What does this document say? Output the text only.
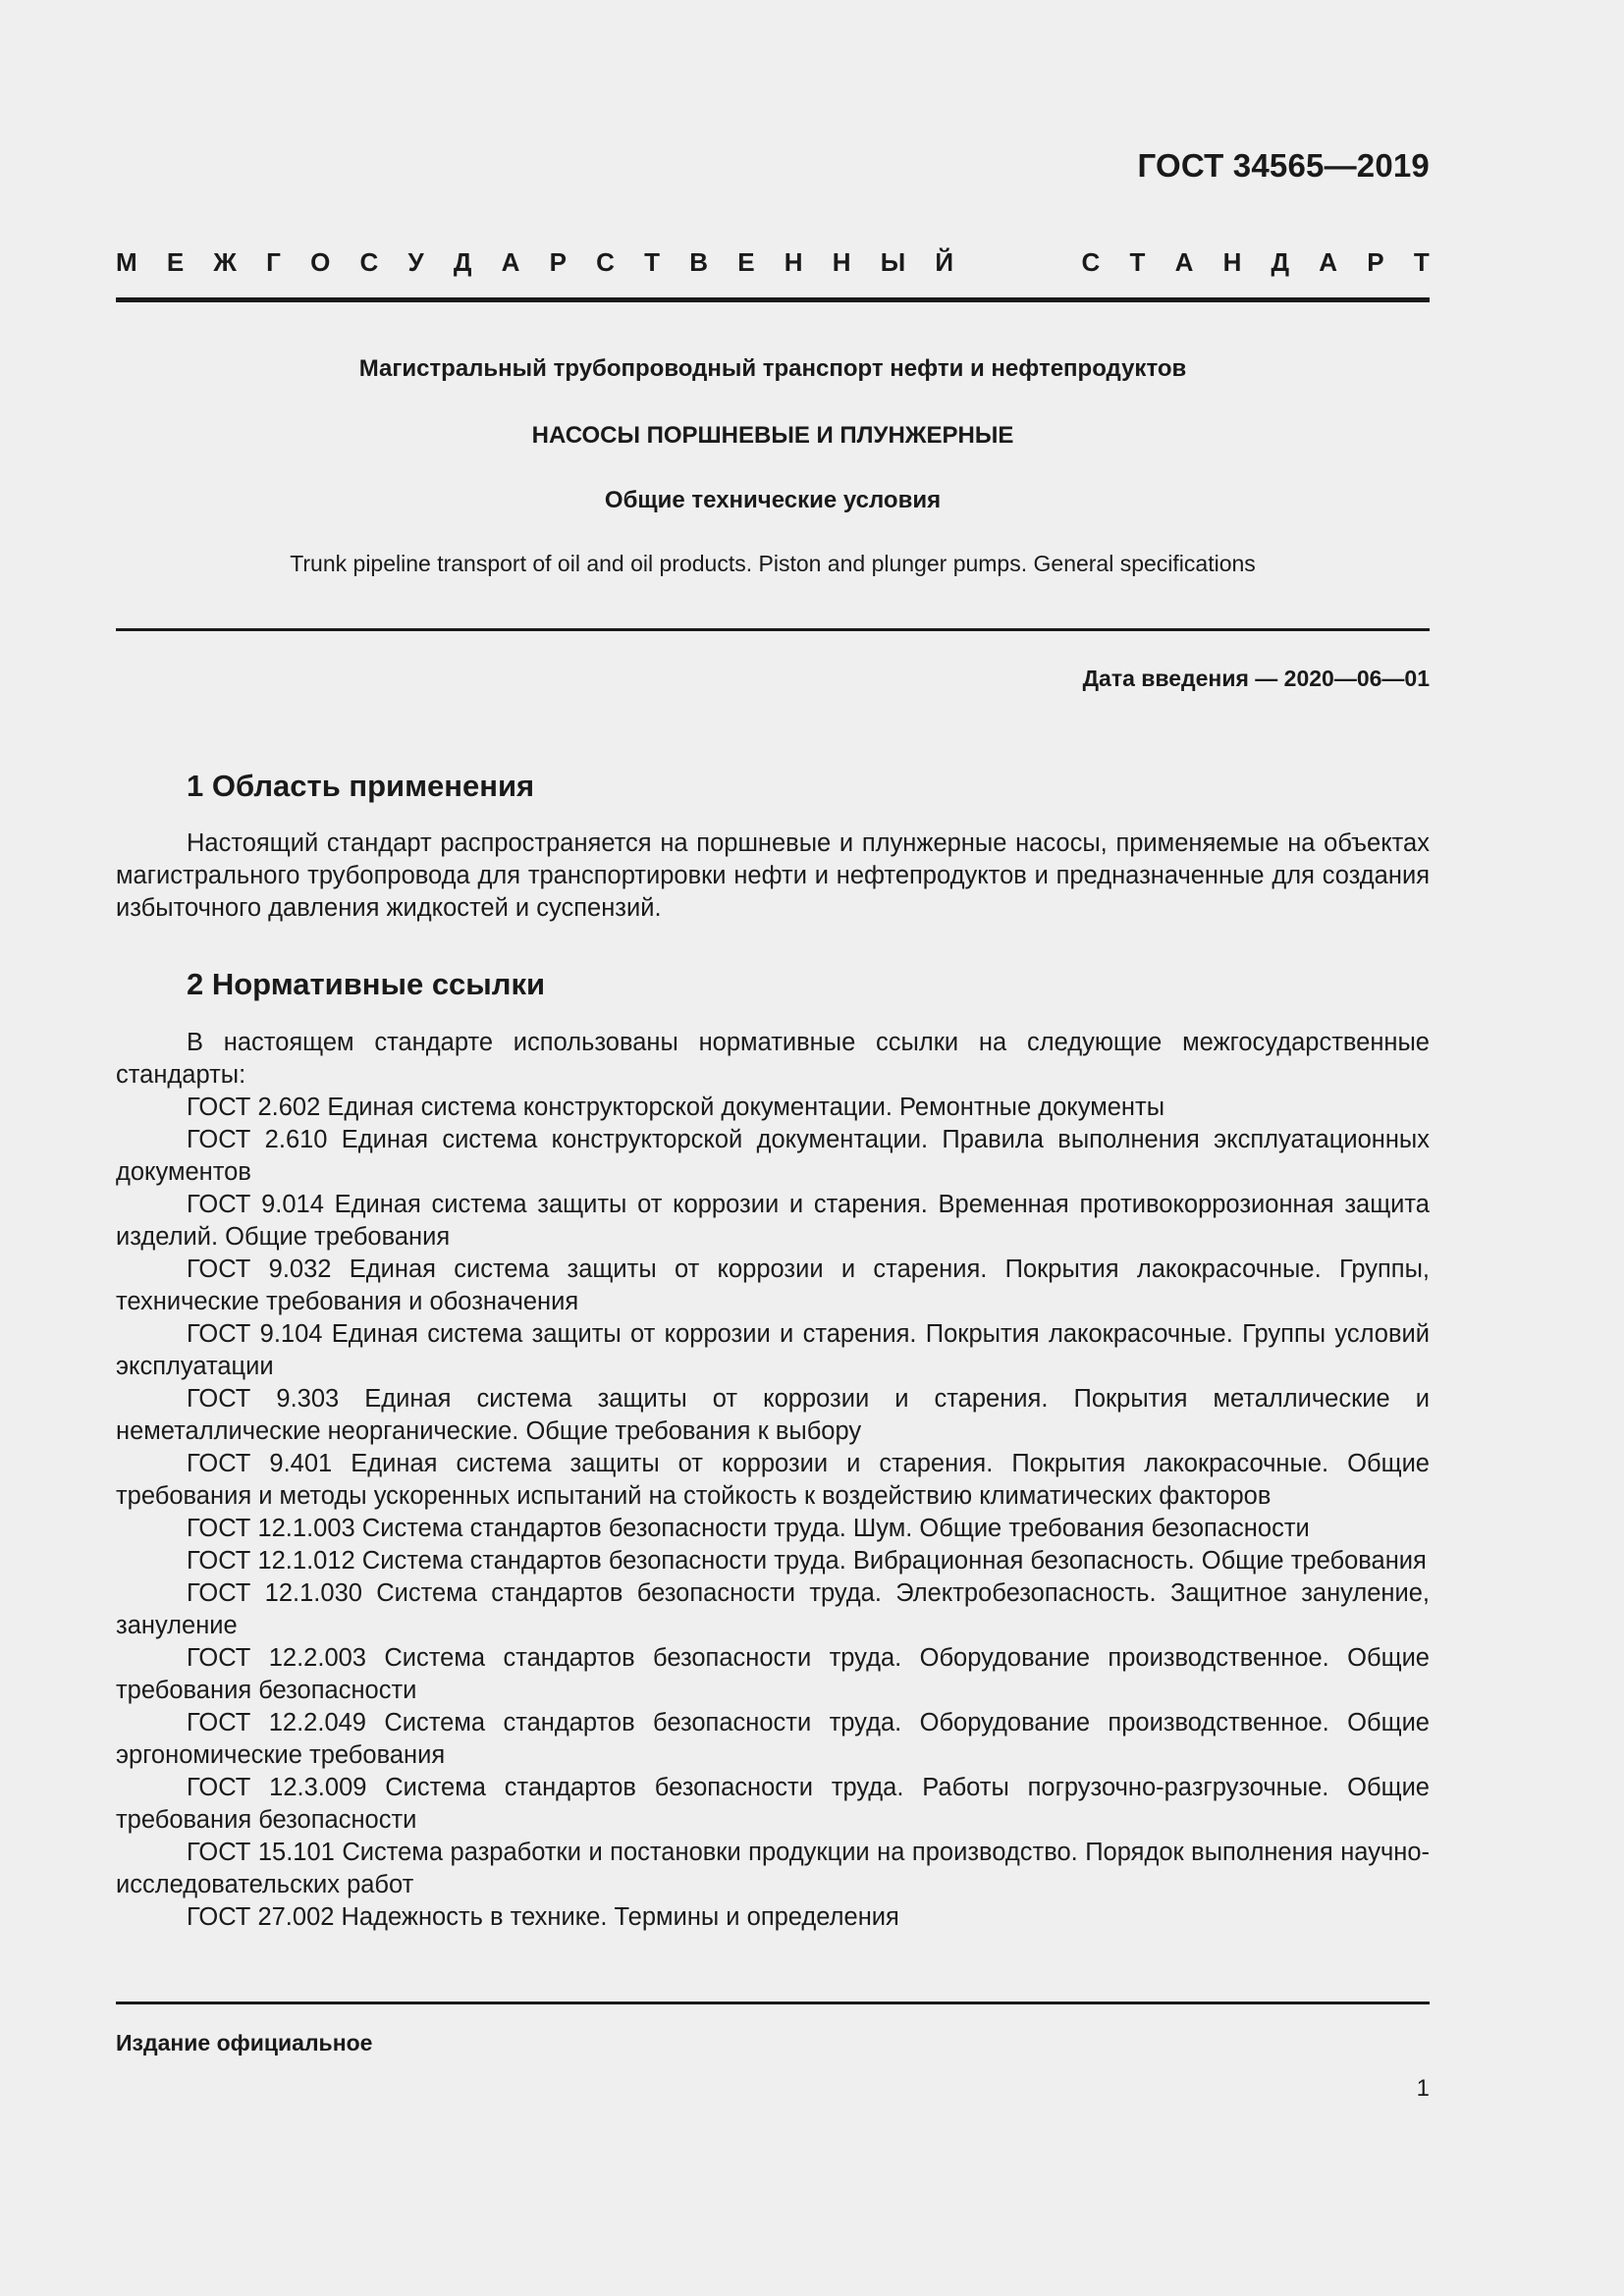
ГОСТ 34565—2019
М Е Ж Г О С У Д А Р С Т В Е Н Н Ы Й	С Т А Н Д А Р Т
Магистральный трубопроводный транспорт нефти и нефтепродуктов
НАСОСЫ ПОРШНЕВЫЕ И ПЛУНЖЕРНЫЕ
Общие технические условия
Trunk pipeline transport of oil and oil products. Piston and plunger pumps. General specifications
Дата введения — 2020—06—01
1 Область применения

Настоящий стандарт распространяется на поршневые и плунжерные насосы, применяемые на объектах магистрального трубопровода для транспортировки нефти и нефтепродуктов и предназначенные для создания избыточного давления жидкостей и суспензий.

2 Нормативные ссылки

В настоящем стандарте использованы нормативные ссылки на следующие межгосударственные стандарты:

ГОСТ 2.602 Единая система конструкторской документации. Ремонтные документы

ГОСТ 2.610 Единая система конструкторской документации. Правила выполнения эксплуатационных документов

ГОСТ 9.014 Единая система защиты от коррозии и старения. Временная противокоррозионная защита изделий. Общие требования

ГОСТ 9.032 Единая система защиты от коррозии и старения. Покрытия лакокрасочные. Группы, технические требования и обозначения

ГОСТ 9.104 Единая система защиты от коррозии и старения. Покрытия лакокрасочные. Группы условий эксплуатации

ГОСТ 9.303 Единая система защиты от коррозии и старения. Покрытия металлические и неметаллические неорганические. Общие требования к выбору

ГОСТ 9.401 Единая система защиты от коррозии и старения. Покрытия лакокрасочные. Общие требования и методы ускоренных испытаний на стойкость к воздействию климатических факторов

ГОСТ 12.1.003 Система стандартов безопасности труда. Шум. Общие требования безопасности

ГОСТ 12.1.012 Система стандартов безопасности труда. Вибрационная безопасность. Общие требования

ГОСТ 12.1.030 Система стандартов безопасности труда. Электробезопасность. Защитное зануление, зануление

ГОСТ 12.2.003 Система стандартов безопасности труда. Оборудование производственное. Общие требования безопасности

ГОСТ 12.2.049 Система стандартов безопасности труда. Оборудование производственное. Общие эргономические требования

ГОСТ 12.3.009 Система стандартов безопасности труда. Работы погрузочно-разгрузочные. Общие требования безопасности

ГОСТ 15.101 Система разработки и постановки продукции на производство. Порядок выполнения научно-исследовательских работ

ГОСТ 27.002 Надежность в технике. Термины и определения

Издание официальное
1
